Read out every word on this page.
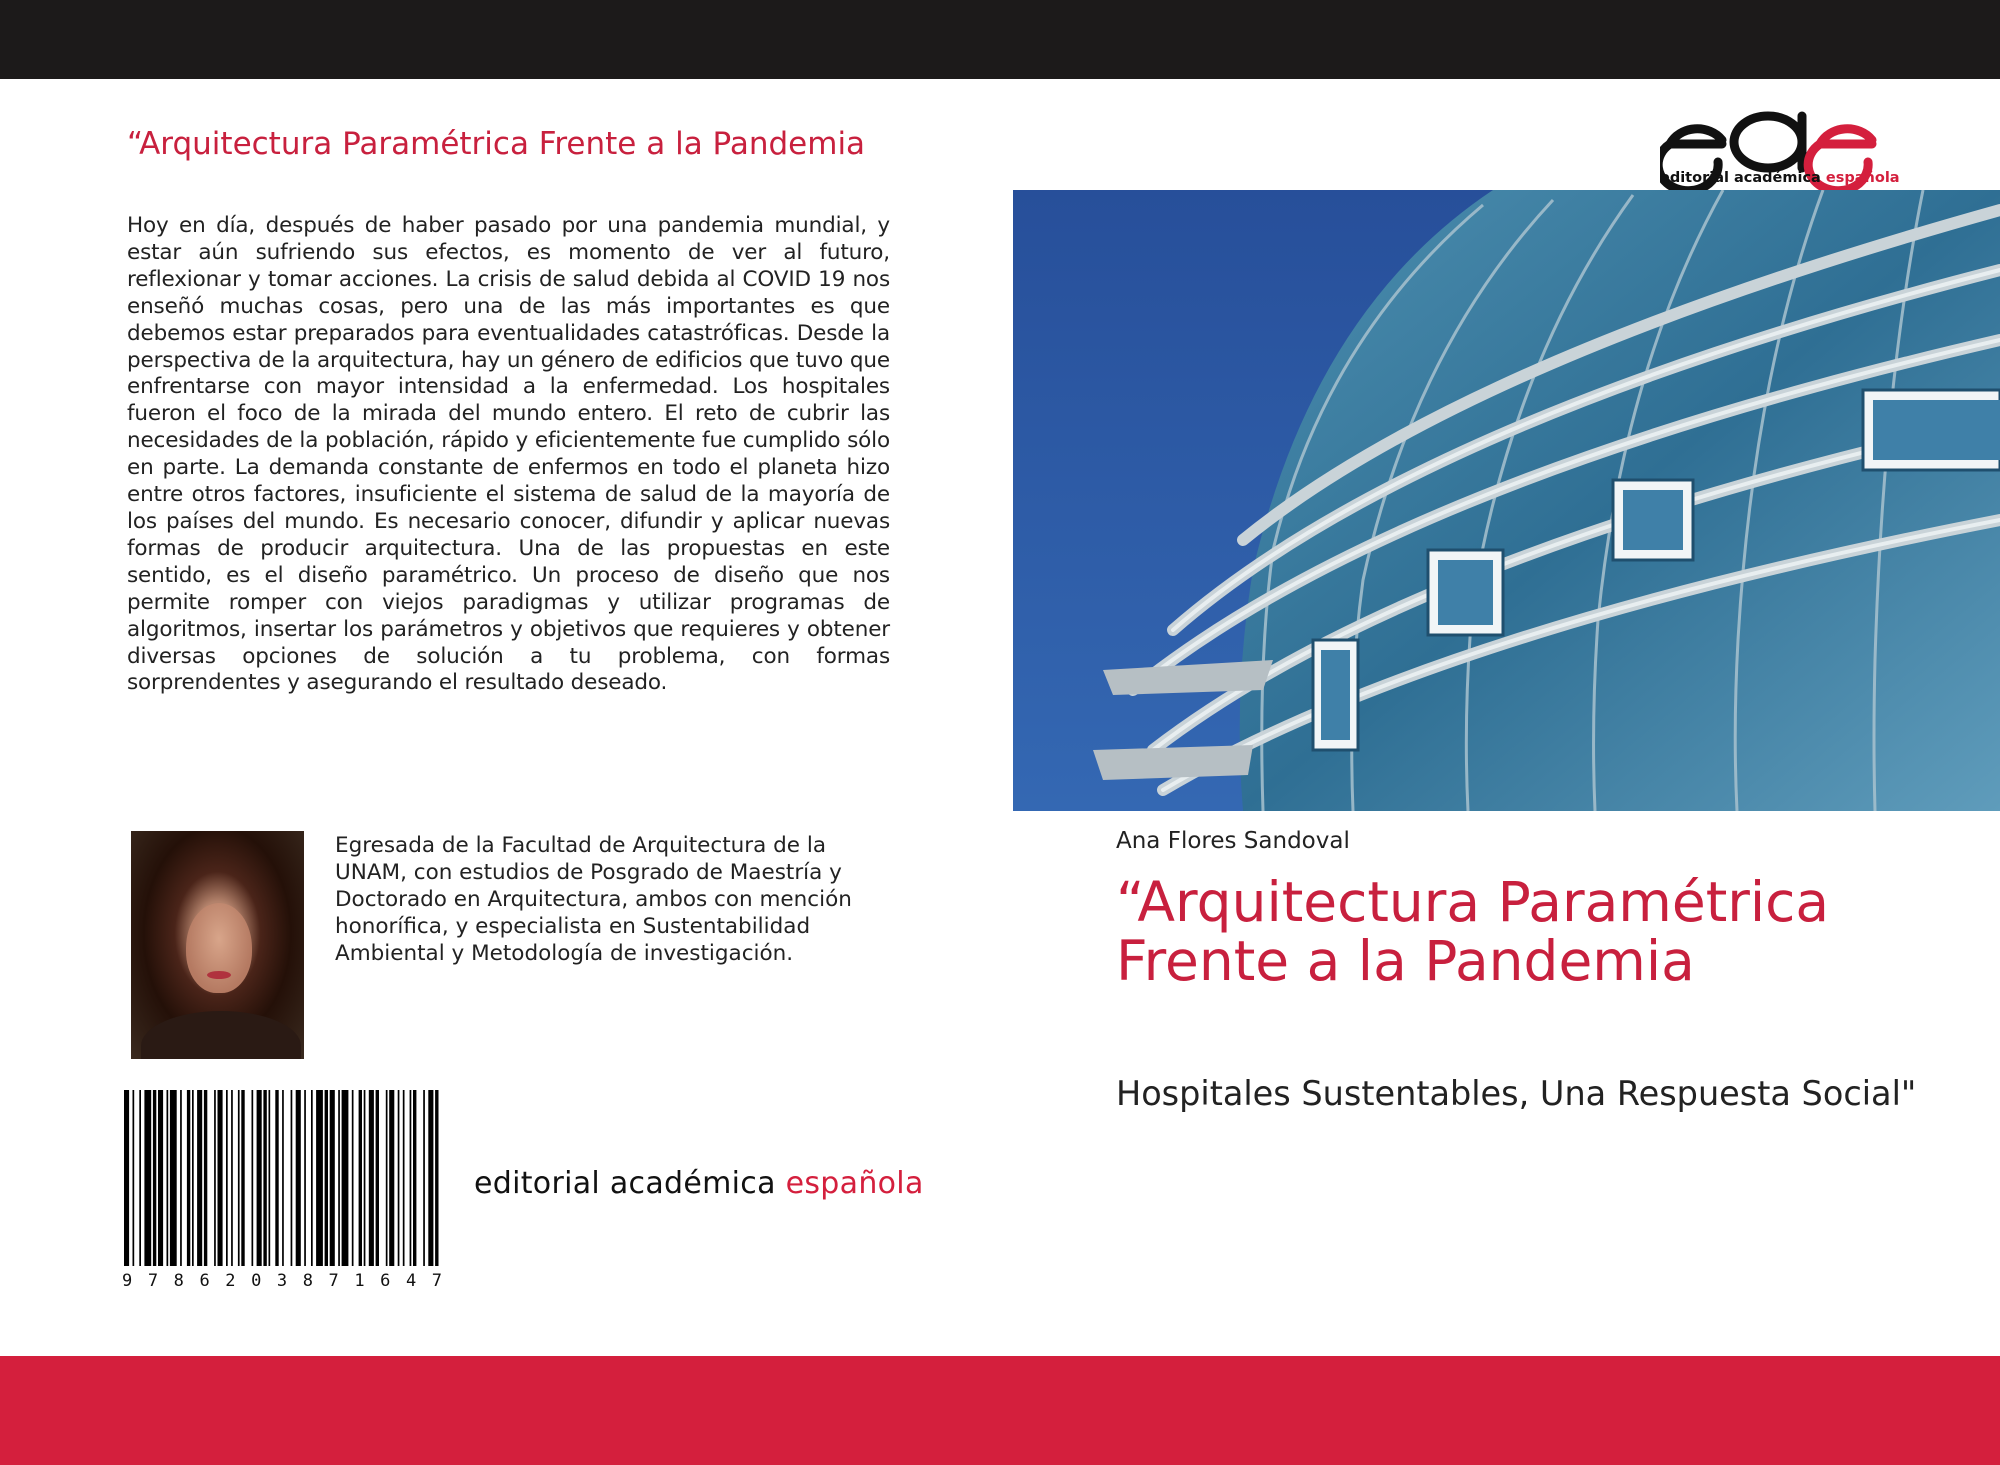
“Arquitectura Paramétrica Frente a la Pandemia
Hoy en día, después de haber pasado por una pandemia mundial, y estar aún sufriendo sus efectos, es momento de ver al futuro, reflexionar y tomar acciones. La crisis de salud debida al COVID 19 nos enseñó muchas cosas, pero una de las más importantes es que debemos estar preparados para eventualidades catastróficas. Desde la perspectiva de la arquitectura, hay un género de edificios que tuvo que enfrentarse con mayor intensidad a la enfermedad. Los hospitales fueron el foco de la mirada del mundo entero. El reto de cubrir las necesidades de la población, rápido y eficientemente fue cumplido sólo en parte. La demanda constante de enfermos en todo el planeta hizo entre otros factores, insuficiente el sistema de salud de la mayoría de los países del mundo. Es necesario conocer, difundir y aplicar nuevas formas de producir arquitectura. Una de las propuestas en este sentido, es el diseño paramétrico. Un proceso de diseño que nos permite romper con viejos paradigmas y utilizar programas de algoritmos, insertar los parámetros y objetivos que requieres y obtener diversas opciones de solución a tu problema, con formas sorprendentes y asegurando el resultado deseado.
Egresada de la Facultad de Arquitectura de la UNAM, con estudios de Posgrado de Maestría y Doctorado en Arquitectura, ambos con mención honorífica, y especialista en Sustentabilidad Ambiental y Metodología de investigación.
9 7 8 6 2 0 3 8 7 1 6 4 7
editorial académica española
editorial académica española
Ana Flores Sandoval
“Arquitectura Paramétrica Frente a la Pandemia
Hospitales Sustentables, Una Respuesta Social"
